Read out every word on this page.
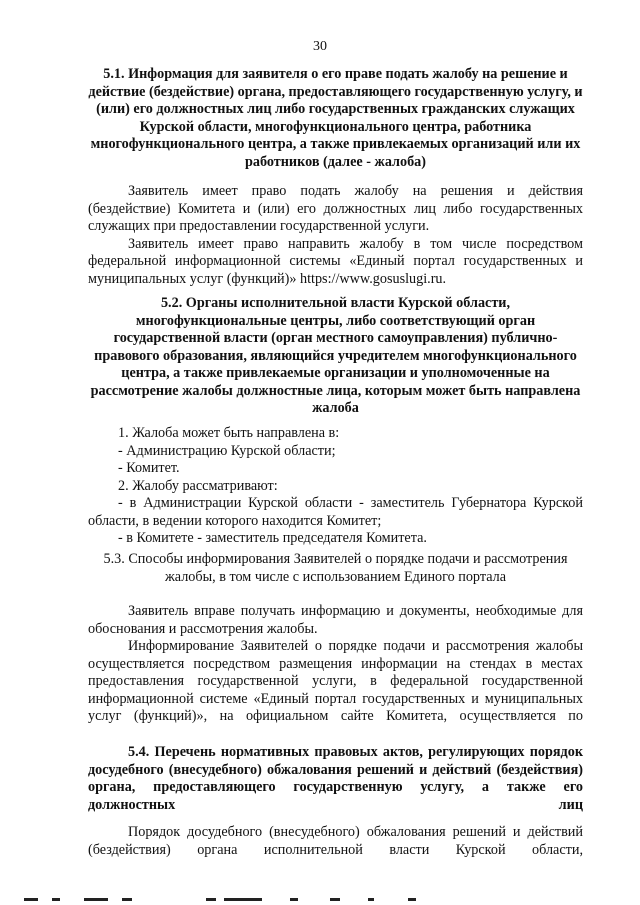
30
5.1. Информация для заявителя о его праве подать жалобу на решение и действие (бездействие) органа, предоставляющего государственную услугу, и (или) его должностных лиц либо государственных гражданских служащих Курской области, многофункционального центра, работника многофункционального центра, а также привлекаемых организаций или их работников (далее - жалоба)

Заявитель имеет право подать жалобу на решения и действия (бездействие) Комитета и (или) его должностных лиц либо государственных служащих при предоставлении государственной услуги.

Заявитель имеет право направить жалобу в том числе посредством федеральной информационной системы «Единый портал государственных и муниципальных услуг (функций)» https://www.gosuslugi.ru.

5.2. Органы исполнительной власти Курской области, многофункциональные центры, либо соответствующий орган государственной власти (орган местного самоуправления) публично-правового образования, являющийся учредителем многофункционального центра, а также привлекаемые организации и уполномоченные на рассмотрение жалобы должностные лица, которым может быть направлена жалоба
1. Жалоба может быть направлена в:
- Администрацию Курской области;
- Комитет.
2. Жалобу рассматривают:

- в Администрации Курской области - заместитель Губернатора Курской области, в ведении которого находится Комитет;

- в Комитете - заместитель председателя Комитета.
5.3. Способы информирования Заявителей о порядке подачи и рассмотрения жалобы, в том числе с использованием Единого портала

Заявитель вправе получать информацию и документы, необходимые для обоснования и рассмотрения жалобы.

Информирование Заявителей о порядке подачи и рассмотрения жалобы осуществляется посредством размещения информации на стендах в местах предоставления государственной услуги, в федеральной государственной информационной системе «Единый портал государственных и муниципальных услуг (функций)», на официальном сайте Комитета, осуществляется по

5.4. Перечень нормативных правовых актов, регулирующих порядок досудебного (внесудебного) обжалования решений и действий (бездействия) органа, предоставляющего государственную услугу, а также его должностных лиц

Порядок досудебного (внесудебного) обжалования решений и действий (бездействия) органа исполнительной власти Курской области,
